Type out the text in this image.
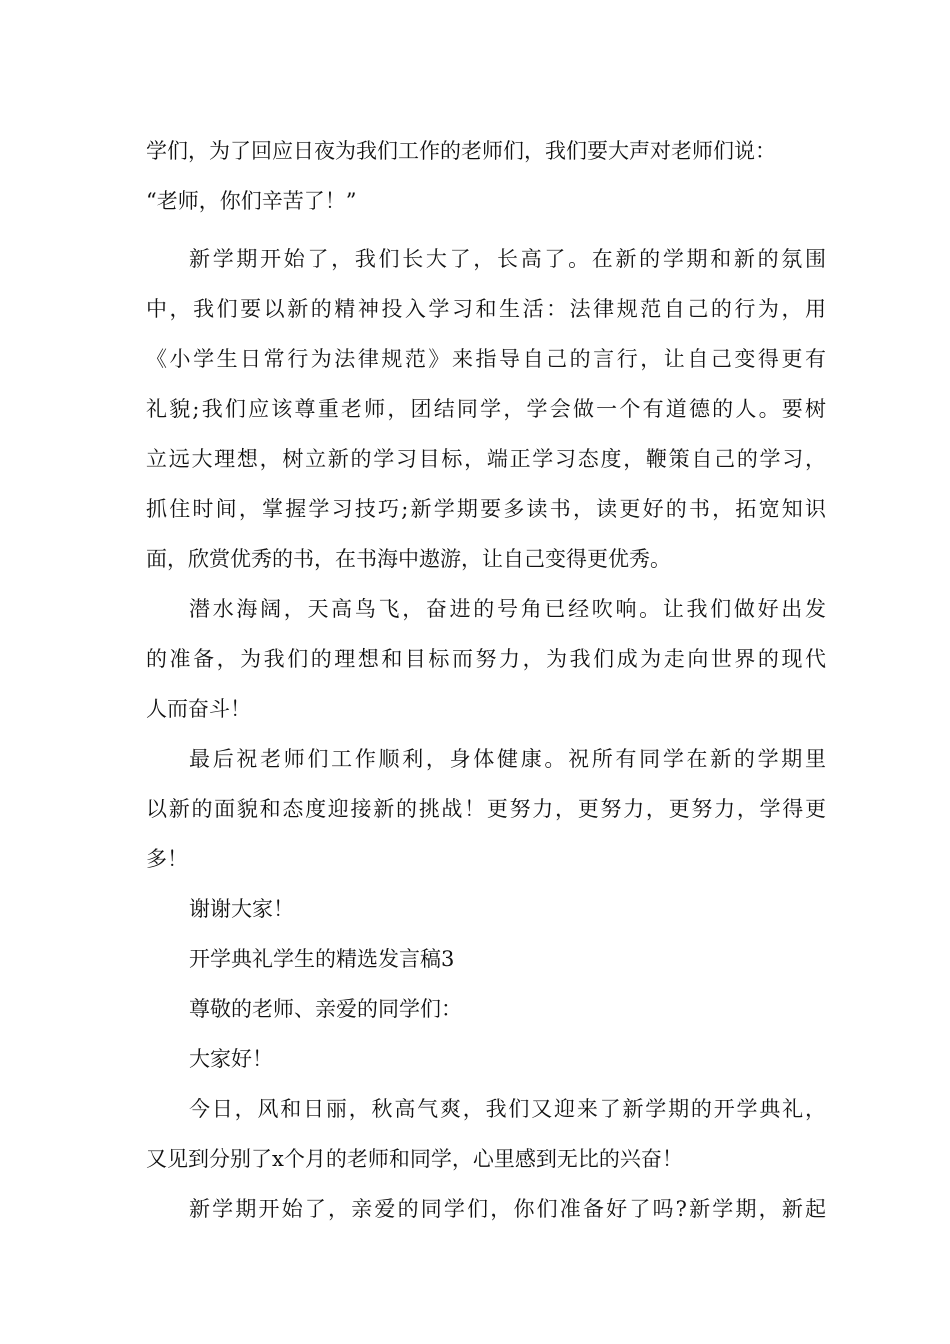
学们，为了回应日夜为我们工作的老师们，我们要大声对老师们说：
“老师，你们辛苦了！”
新学期开始了，我们长大了，长高了。在新的学期和新的氛围
中，我们要以新的精神投入学习和生活：法律规范自己的行为，用
《小学生日常行为法律规范》来指导自己的言行，让自己变得更有
礼貌;我们应该尊重老师，团结同学，学会做一个有道德的人。要树
立远大理想，树立新的学习目标，端正学习态度，鞭策自己的学习，
抓住时间，掌握学习技巧;新学期要多读书，读更好的书，拓宽知识
面，欣赏优秀的书，在书海中遨游，让自己变得更优秀。
潜水海阔，天高鸟飞，奋进的号角已经吹响。让我们做好出发
的准备，为我们的理想和目标而努力，为我们成为走向世界的现代
人而奋斗！
最后祝老师们工作顺利，身体健康。祝所有同学在新的学期里
以新的面貌和态度迎接新的挑战！更努力，更努力，更努力，学得更
多！
谢谢大家！
开学典礼学生的精选发言稿3
尊敬的老师、亲爱的同学们：
大家好！
今日，风和日丽，秋高气爽，我们又迎来了新学期的开学典礼，
又见到分别了x个月的老师和同学，心里感到无比的兴奋！
新学期开始了，亲爱的同学们，你们准备好了吗?新学期，新起
